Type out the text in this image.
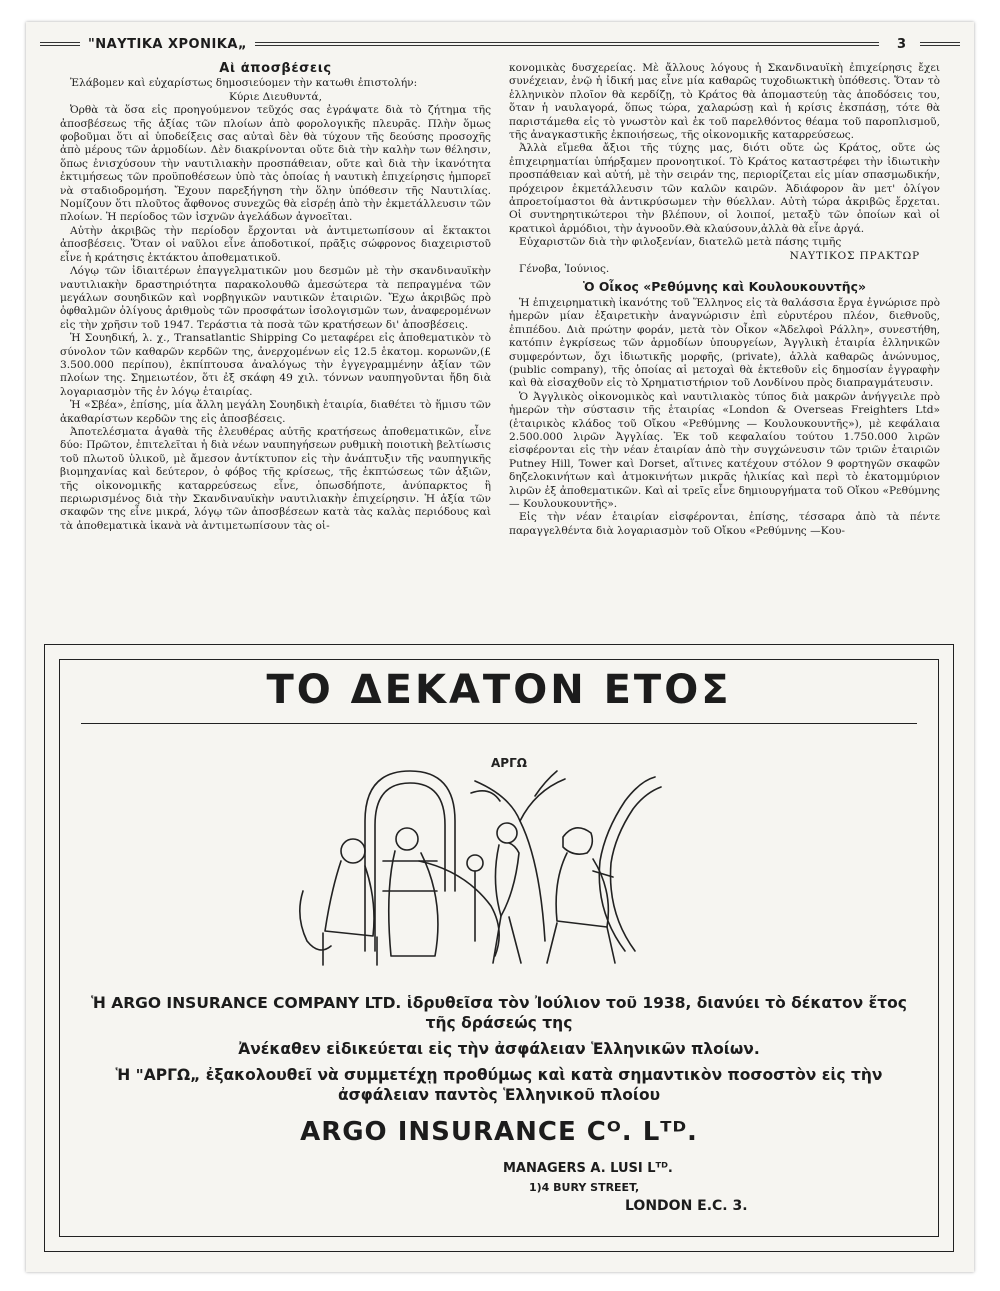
"ΝΑΥΤΙΚΑ ΧΡΟΝΙΚΑ„	3
Αἱ ἀποσβέσεις

Ἐλάβομεν καὶ εὐχαρίστως δημοσιεύομεν τὴν κατωθι ἐπιστολήν:

Κύριε Διευθυντά,

Ὀρθὰ τὰ ὅσα εἰς προηγούμενον τεῦχός σας ἐγράψατε διὰ τὸ ζήτημα τῆς ἀποσβέσεως τῆς ἀξίας τῶν πλοίων ἀπὸ φορολογικῆς πλευρᾶς. Πλὴν ὅμως φοβοῦμαι ὅτι αἱ ὑποδείξεις σας αὐταὶ δὲν θὰ τύχουν τῆς δεούσης προσοχῆς ἀπὸ μέρους τῶν ἁρμοδίων. Δὲν διακρίνονται οὔτε διὰ τὴν καλὴν των θέλησιν, ὅπως ἐνισχύσουν τὴν ναυτιλιακὴν προσπάθειαν, οὔτε καὶ διὰ τὴν ἱκανότητα ἐκτιμήσεως τῶν προϋποθέσεων ὑπὸ τὰς ὁποίας ἡ ναυτικὴ ἐπιχείρησις ἠμπορεῖ νὰ σταδιοδρομήση. Ἔχουν παρεξήγηση τὴν ὅλην ὑπόθεσιν τῆς Ναυτιλίας. Νομίζουν ὅτι πλοῦτος ἄφθονος συνεχῶς θὰ εἰσρέῃ ἀπὸ τὴν ἐκμετάλλευσιν τῶν πλοίων. Ἡ περίοδος τῶν ἰσχνῶν ἀγελάδων ἀγνοεῖται.

Αὐτὴν ἀκριβῶς τὴν περίοδον ἔρχονται νὰ ἀντιμετωπίσουν αἱ ἔκτακτοι ἀποσβέσεις. Ὅταν οἱ ναῦλοι εἶνε ἀποδοτικοί, πρᾶξις σώφρονος διαχειριστοῦ εἶνε ἡ κράτησις ἐκτάκτου ἀποθεματικοῦ.

Λόγῳ τῶν ἰδιαιτέρων ἐπαγγελματικῶν μου δεσμῶν μὲ τὴν σκανδιναυϊκὴν ναυτιλιακὴν δραστηριότητα παρακολουθῶ ἀμεσώτερα τὰ πεπραγμένα τῶν μεγάλων σουηδικῶν καὶ νορβηγικῶν ναυτικῶν ἑταιριῶν. Ἔχω ἀκριβῶς πρὸ ὀφθαλμῶν ὀλίγους ἀριθμοὺς τῶν προσφάτων ἰσολογισμῶν των, ἀναφερομένων εἰς τὴν χρῆσιν τοῦ 1947. Τεράστια τὰ ποσὰ τῶν κρατήσεων δι' ἀποσβέσεις.

Ἡ Σουηδική, λ. χ., Transatlantic Shipping Co μεταφέρει εἰς ἀποθεματικὸν τὸ σύνολον τῶν καθαρῶν κερδῶν της, ἀνερχομένων εἰς 12.5 ἑκατομ. κορωνῶν,(£ 3.500.000 περίπου), ἐκπίπτουσα ἀναλόγως τὴν ἐγγεγραμμένην ἀξίαν τῶν πλοίων της. Σημειωτέον, ὅτι ἐξ σκάφη 49 χιλ. τόννων ναυπηγοῦνται ἤδη διὰ λογαριασμὸν τῆς ἐν λόγῳ ἑταιρίας.

Ἡ «Σβέα», ἐπίσης, μία ἄλλη μεγάλη Σουηδικὴ ἑταιρία, διαθέτει τὸ ἥμισυ τῶν ἀκαθαρίστων κερδῶν της εἰς ἀποσβέσεις.

Ἀποτελέσματα ἀγαθὰ τῆς ἐλευθέρας αὐτῆς κρατήσεως ἀποθεματικῶν, εἶνε δύο: Πρῶτον, ἐπιτελεῖται ἡ διὰ νέων ναυπηγήσεων ρυθμικὴ ποιοτικὴ βελτίωσις τοῦ πλωτοῦ ὑλικοῦ, μὲ ἄμεσον ἀντίκτυπον εἰς τὴν ἀνάπτυξιν τῆς ναυπηγικῆς βιομηχανίας καὶ δεύτερον, ὁ φόβος τῆς κρίσεως, τῆς ἐκπτώσεως τῶν ἀξιῶν, τῆς οἰκονομικῆς καταρρεύσεως εἶνε, ὁπωσδήποτε, ἀνύπαρκτος ἢ περιωρισμένος διὰ τὴν Σκανδιναυϊκὴν ναυτιλιακὴν ἐπιχείρησιν. Ἡ ἀξία τῶν σκαφῶν της εἶνε μικρά, λόγῳ τῶν ἀποσβέσεων κατὰ τὰς καλὰς περιόδους καὶ τὰ ἀποθεματικὰ ἱκανὰ νὰ ἀντιμετωπίσουν τὰς οἰ-

κονομικὰς δυσχερείας. Μὲ ἄλλους λόγους ἡ Σκανδιναυϊκὴ ἐπιχείρησις ἔχει συνέχειαν, ἐνῷ ἡ ἰδική μας εἶνε μία καθαρῶς τυχοδιωκτικὴ ὑπόθεσις. Ὅταν τὸ ἑλληνικὸν πλοῖον θὰ κερδίζῃ, τὸ Κράτος θὰ ἀπομαστεύῃ τὰς ἀποδόσεις του, ὅταν ἡ ναυλαγορά, ὅπως τώρα, χαλαρώσῃ καὶ ἡ κρίσις ἐκσπάσῃ, τότε θὰ παριστάμεθα εἰς τὸ γνωστὸν καὶ ἐκ τοῦ παρελθόντος θέαμα τοῦ παροπλισμοῦ, τῆς ἀναγκαστικῆς ἐκποιήσεως, τῆς οἰκονομικῆς καταρρεύσεως.

Ἀλλὰ εἴμεθα ἄξιοι τῆς τύχης μας, διότι οὔτε ὡς Κράτος, οὔτε ὡς ἐπιχειρηματίαι ὑπήρξαμεν προνοητικοί. Τὸ Κράτος καταστρέφει τὴν ἰδιωτικὴν προσπάθειαν καὶ αὐτή, μὲ τὴν σειράν της, περιορίζεται εἰς μίαν σπασμωδικήν, πρόχειρον ἐκμετάλλευσιν τῶν καλῶν καιρῶν. Ἀδιάφορον ἂν μετ' ὀλίγον ἀπροετοίμαστοι θὰ ἀντικρύσωμεν τὴν θύελλαν. Αὐτὴ τώρα ἀκριβῶς ἔρχεται. Οἱ συντηρητικώτεροι τὴν βλέπουν, οἱ λοιποί, μεταξὺ τῶν ὁποίων καὶ οἱ κρατικοὶ ἁρμόδιοι, τὴν ἀγνοοῦν.Θὰ κλαύσουν,ἀλλὰ θὰ εἶνε ἀργά.

Εὐχαριστῶν διὰ τὴν φιλοξενίαν, διατελῶ μετὰ πάσης τιμῆς

ΝΑΥΤΙΚΟΣ ΠΡΑΚΤΩΡ

Γένοβα, Ἰούνιος.

Ὁ Οἶκος «Ρεθύμνης καὶ Κουλουκουντῆς»

Ἡ ἐπιχειρηματικὴ ἱκανότης τοῦ Ἕλληνος εἰς τὰ θαλάσσια ἔργα ἐγνώρισε πρὸ ἡμερῶν μίαν ἐξαιρετικὴν ἀναγνώρισιν ἐπὶ εὐρυτέρου πλέον, διεθνοῦς, ἐπιπέδου. Διὰ πρώτην φοράν, μετὰ τὸν Οἶκον «Ἀδελφοὶ Ράλλη», συνεστήθη, κατόπιν ἐγκρίσεως τῶν ἁρμοδίων ὑπουργείων, Ἀγγλικὴ ἑταιρία ἑλληνικῶν συμφερόντων, ὄχι ἰδιωτικῆς μορφῆς, (private), ἀλλὰ καθαρῶς ἀνώνυμος, (public company), τῆς ὁποίας αἱ μετοχαὶ θὰ ἐκτεθοῦν εἰς δημοσίαν ἐγγραφὴν καὶ θὰ εἰσαχθοῦν εἰς τὸ Χρηματιστήριον τοῦ Λονδίνου πρὸς διαπραγμάτευσιν.

Ὁ Ἀγγλικὸς οἰκονομικὸς καὶ ναυτιλιακὸς τύπος διὰ μακρῶν ἀνήγγειλε πρὸ ἡμερῶν τὴν σύστασιν τῆς ἑταιρίας «London & Overseas Freighters Ltd» (ἑταιρικὸς κλάδος τοῦ Οἴκου «Ρεθύμνης — Κουλουκουντῆς»), μὲ κεφάλαια 2.500.000 λιρῶν Ἀγγλίας. Ἐκ τοῦ κεφαλαίου τούτου 1.750.000 λιρῶν εἰσφέρονται εἰς τὴν νέαν ἑταιρίαν ἀπὸ τὴν συγχώνευσιν τῶν τριῶν ἑταιριῶν Putney Hill, Tower καὶ Dorset, αἵτινες κατέχουν στόλον 9 φορτηγῶν σκαφῶν δηζελοκινήτων καὶ ἀτμοκινήτων μικρᾶς ἡλικίας καὶ περὶ τὸ ἑκατομμύριον λιρῶν ἐξ ἀποθεματικῶν. Καὶ αἱ τρεῖς εἶνε δημιουργήματα τοῦ Οἴκου «Ρεθύμνης — Κουλουκουντῆς».

Εἰς τὴν νέαν ἑταιρίαν εἰσφέρονται, ἐπίσης, τέσσαρα ἀπὸ τὰ πέντε παραγγελθέντα διὰ λογαριασμὸν τοῦ Οἴκου «Ρεθύμνης —Κου-

ΤΟ ΔΕΚΑΤΟΝ ΕΤΟΣ
ΑΡΓΩ

Ἡ ARGO INSURANCE COMPANY LTD. ἱδρυθεῖσα τὸν Ἰούλιον τοῦ 1938, διανύει τὸ δέκατον ἔτος τῆς δράσεώς της

Ἀνέκαθεν εἰδικεύεται εἰς τὴν ἀσφάλειαν Ἑλληνικῶν πλοίων.

Ἡ "ΑΡΓΩ„ ἐξακολουθεῖ νὰ συμμετέχῃ προθύμως καὶ κατὰ σημαντικὸν ποσοστὸν εἰς τὴν ἀσφάλειαν παντὸς Ἑλληνικοῦ πλοίου

ARGO INSURANCE Cᴼ. Lᵀᴰ.
MANAGERS A. LUSI Lᵀᴰ.
1)4 BURY STREET,
LONDON E.C. 3.
